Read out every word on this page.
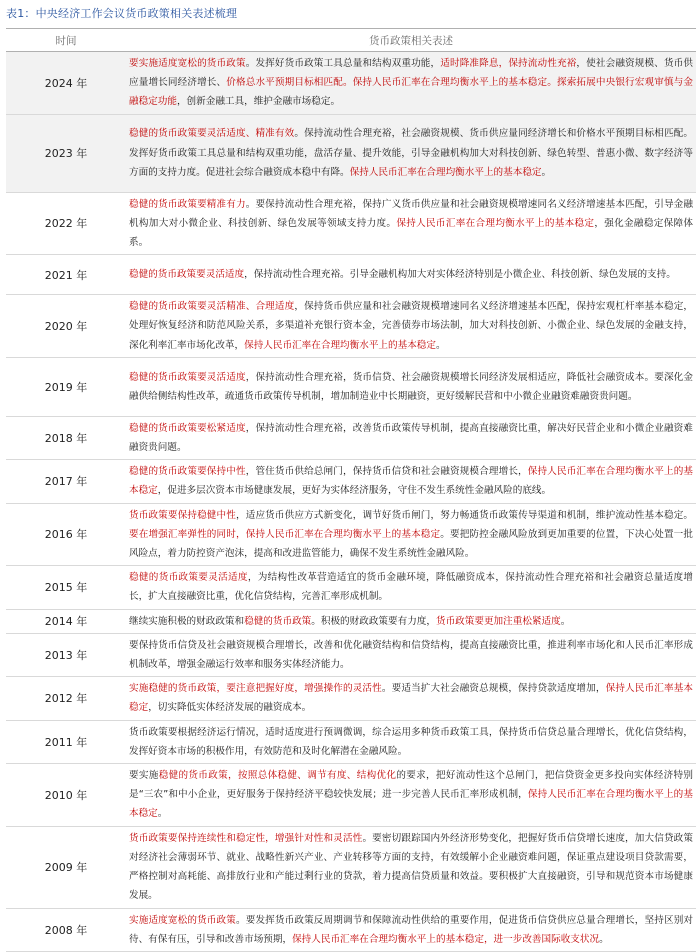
表1：中央经济工作会议货币政策相关表述梳理
时间	货币政策相关表述
2024 年	要实施适度宽松的货币政策。发挥好货币政策工具总量和结构双重功能，适时降准降息，保持流动性充裕，使社会融资规模、货币供应量增长同经济增长、价格总水平预期目标相匹配。保持人民币汇率在合理均衡水平上的基本稳定。探索拓展中央银行宏观审慎与金融稳定功能，创新金融工具，维护金融市场稳定。
2023 年	稳健的货币政策要灵活适度、精准有效。保持流动性合理充裕，社会融资规模、货币供应量同经济增长和价格水平预期目标相匹配。发挥好货币政策工具总量和结构双重功能，盘活存量、提升效能，引导金融机构加大对科技创新、绿色转型、普惠小微、数字经济等方面的支持力度。促进社会综合融资成本稳中有降。保持人民币汇率在合理均衡水平上的基本稳定。
2022 年	稳健的货币政策要精准有力。要保持流动性合理充裕，保持广义货币供应量和社会融资规模增速同名义经济增速基本匹配，引导金融机构加大对小微企业、科技创新、绿色发展等领域支持力度。保持人民币汇率在合理均衡水平上的基本稳定，强化金融稳定保障体系。
2021 年	稳健的货币政策要灵活适度，保持流动性合理充裕。引导金融机构加大对实体经济特别是小微企业、科技创新、绿色发展的支持。
2020 年	稳健的货币政策要灵活精准、合理适度，保持货币供应量和社会融资规模增速同名义经济增速基本匹配，保持宏观杠杆率基本稳定，处理好恢复经济和防范风险关系，多渠道补充银行资本金，完善债券市场法制，加大对科技创新、小微企业、绿色发展的金融支持，深化利率汇率市场化改革，保持人民币汇率在合理均衡水平上的基本稳定。
2019 年	稳健的货币政策要灵活适度，保持流动性合理充裕，货币信贷、社会融资规模增长同经济发展相适应，降低社会融资成本。要深化金融供给侧结构性改革，疏通货币政策传导机制，增加制造业中长期融资，更好缓解民营和中小微企业融资难融资贵问题。
2018 年	稳健的货币政策要松紧适度，保持流动性合理充裕，改善货币政策传导机制，提高直接融资比重，解决好民营企业和小微企业融资难融资贵问题。
2017 年	稳健的货币政策要保持中性，管住货币供给总闸门，保持货币信贷和社会融资规模合理增长，保持人民币汇率在合理均衡水平上的基本稳定，促进多层次资本市场健康发展，更好为实体经济服务，守住不发生系统性金融风险的底线。
2016 年	货币政策要保持稳健中性，适应货币供应方式新变化，调节好货币闸门，努力畅通货币政策传导渠道和机制，维护流动性基本稳定。要在增强汇率弹性的同时，保持人民币汇率在合理均衡水平上的基本稳定。要把防控金融风险放到更加重要的位置，下决心处置一批风险点，着力防控资产泡沫，提高和改进监管能力，确保不发生系统性金融风险。
2015 年	稳健的货币政策要灵活适度，为结构性改革营造适宜的货币金融环境，降低融资成本，保持流动性合理充裕和社会融资总量适度增长，扩大直接融资比重，优化信贷结构，完善汇率形成机制。
2014 年	继续实施积极的财政政策和稳健的货币政策。积极的财政政策要有力度，货币政策要更加注重松紧适度。
2013 年	要保持货币信贷及社会融资规模合理增长，改善和优化融资结构和信贷结构，提高直接融资比重，推进利率市场化和人民币汇率形成机制改革，增强金融运行效率和服务实体经济能力。
2012 年	实施稳健的货币政策，要注意把握好度，增强操作的灵活性。要适当扩大社会融资总规模，保持贷款适度增加，保持人民币汇率基本稳定，切实降低实体经济发展的融资成本。
2011 年	货币政策要根据经济运行情况，适时适度进行预调微调，综合运用多种货币政策工具，保持货币信贷总量合理增长，优化信贷结构，发挥好资本市场的积极作用，有效防范和及时化解潜在金融风险。
2010 年	要实施稳健的货币政策，按照总体稳健、调节有度、结构优化的要求，把好流动性这个总闸门，把信贷资金更多投向实体经济特别是“三农”和中小企业，更好服务于保持经济平稳较快发展；进一步完善人民币汇率形成机制，保持人民币汇率在合理均衡水平上的基本稳定。
2009 年	货币政策要保持连续性和稳定性，增强针对性和灵活性。要密切跟踪国内外经济形势变化，把握好货币信贷增长速度，加大信贷政策对经济社会薄弱环节、就业、战略性新兴产业、产业转移等方面的支持，有效缓解小企业融资难问题，保证重点建设项目贷款需要，严格控制对高耗能、高排放行业和产能过剩行业的贷款，着力提高信贷质量和效益。要积极扩大直接融资，引导和规范资本市场健康发展。
2008 年	实施适度宽松的货币政策。要发挥货币政策反周期调节和保障流动性供给的重要作用，促进货币信贷供应总量合理增长，坚持区别对待、有保有压，引导和改善市场预期，保持人民币汇率在合理均衡水平上的基本稳定，进一步改善国际收支状况。
